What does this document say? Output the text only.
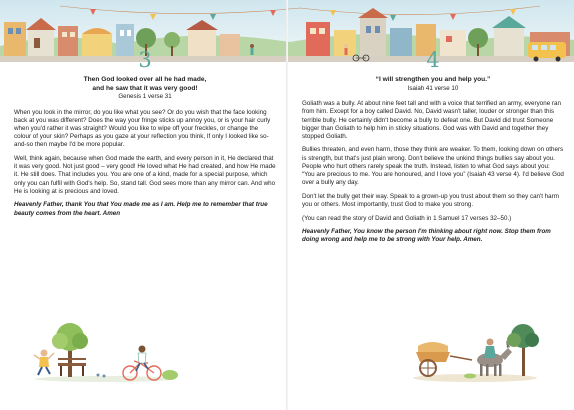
3
Then God looked over all he had made,
and he saw that it was very good!
Genesis 1 verse 31

When you look in the mirror, do you like what you see? Or do you wish that the face looking back at you was different? Does the way your fringe sticks up annoy you, or is your hair curly when you'd rather it was straight? Would you like to wipe off your freckles, or change the colour of your skin? Perhaps as you gaze at your reflection you think, If only I looked like so-and-so then maybe I'd be more popular.

Well, think again, because when God made the earth, and every person in it, He declared that it was very good. Not just good – very good! He loved what He had created, and how He made it. He still does. That includes you. You are one of a kind, made for a special purpose, which only you can fulfil with God's help. So, stand tall. God sees more than any mirror can. And who He is looking at is precious and loved.

Heavenly Father, thank You that You made me as I am. Help me to remember that true beauty comes from the heart. Amen

4
“I will strengthen you and help you.”
Isaiah 41 verse 10

Goliath was a bully. At about nine feet tall and with a voice that terrified an army, everyone ran from him. Except for a boy called David. No, David wasn't taller, louder or stronger than this terrible bully. He certainly didn't become a bully to defeat one. But David did trust Someone bigger than Goliath to help him in sticky situations. God was with David and together they stopped Goliath.

Bullies threaten, and even harm, those they think are weaker. To them, looking down on others is strength, but that's just plain wrong. Don't believe the unkind things bullies say about you. People who hurt others rarely speak the truth. Instead, listen to what God says about you: “You are precious to me. You are honoured, and I love you” (Isaiah 43 verse 4). I'd believe God over a bully any day.

Don't let the bully get their way. Speak to a grown-up you trust about them so they can't harm you or others. Most importantly, trust God to make you strong.

(You can read the story of David and Goliath in 1 Samuel 17 verses 32–50.)

Heavenly Father, You know the person I'm thinking about right now. Stop them from doing wrong and help me to be strong with Your help. Amen.
